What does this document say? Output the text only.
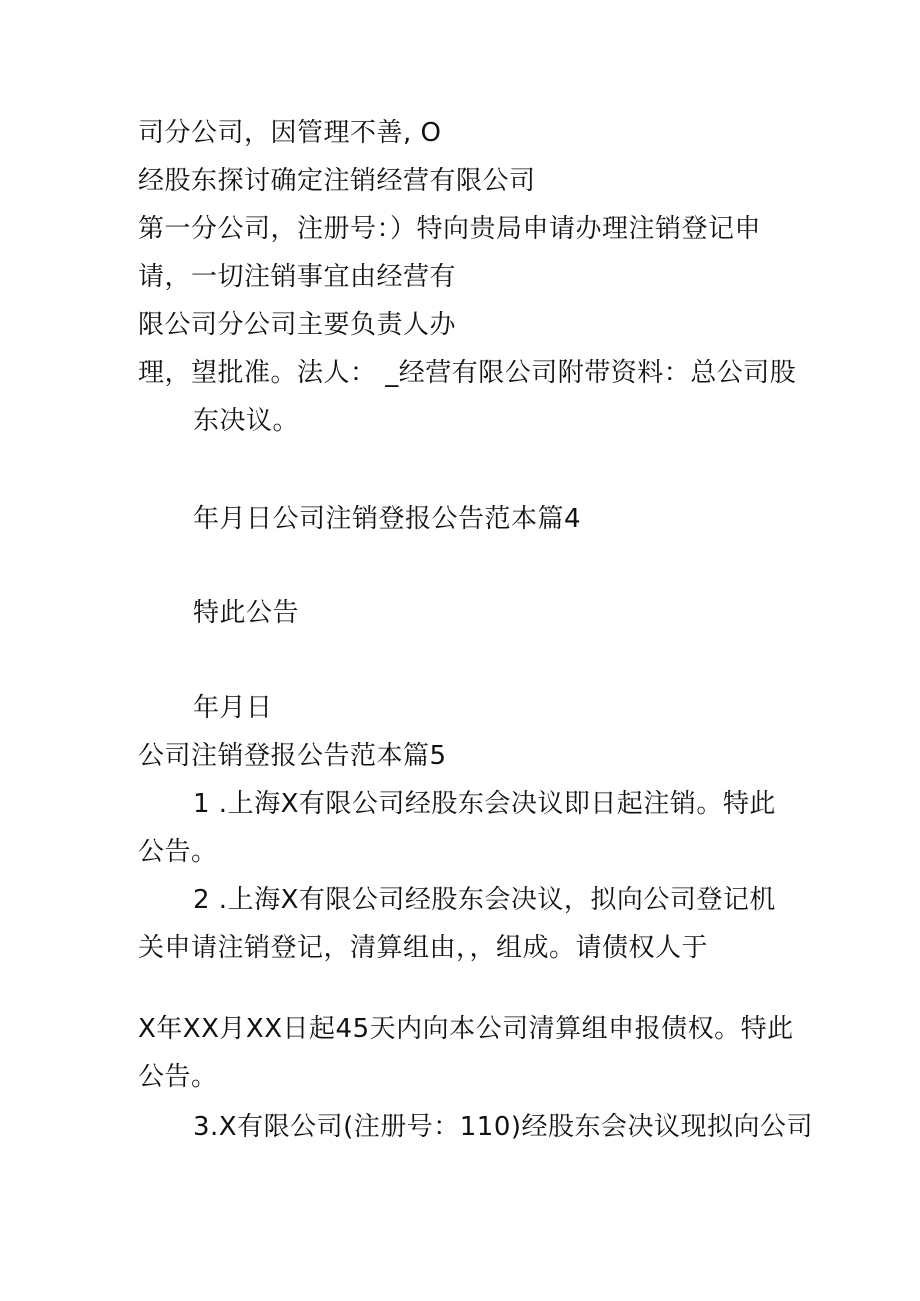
司分公司，因管理不善, O
经股东探讨确定注销经营有限公司
第一分公司，注册号：）特向贵局申请办理注销登记申
请，一切注销事宜由经营有
限公司分公司主要负责人办
理，望批准。法人： _经营有限公司附带资料：总公司股
东决议。
年月日公司注销登报公告范本篇4
特此公告
年月日
公司注销登报公告范本篇5
1 .上海X有限公司经股东会决议即日起注销。特此
公告。
2 .上海X有限公司经股东会决议，拟向公司登记机
关申请注销登记，清算组由，，组成。请债权人于
X年XX月XX日起45天内向本公司清算组申报债权。特此
公告。
3.X有限公司(注册号：110)经股东会决议现拟向公司
